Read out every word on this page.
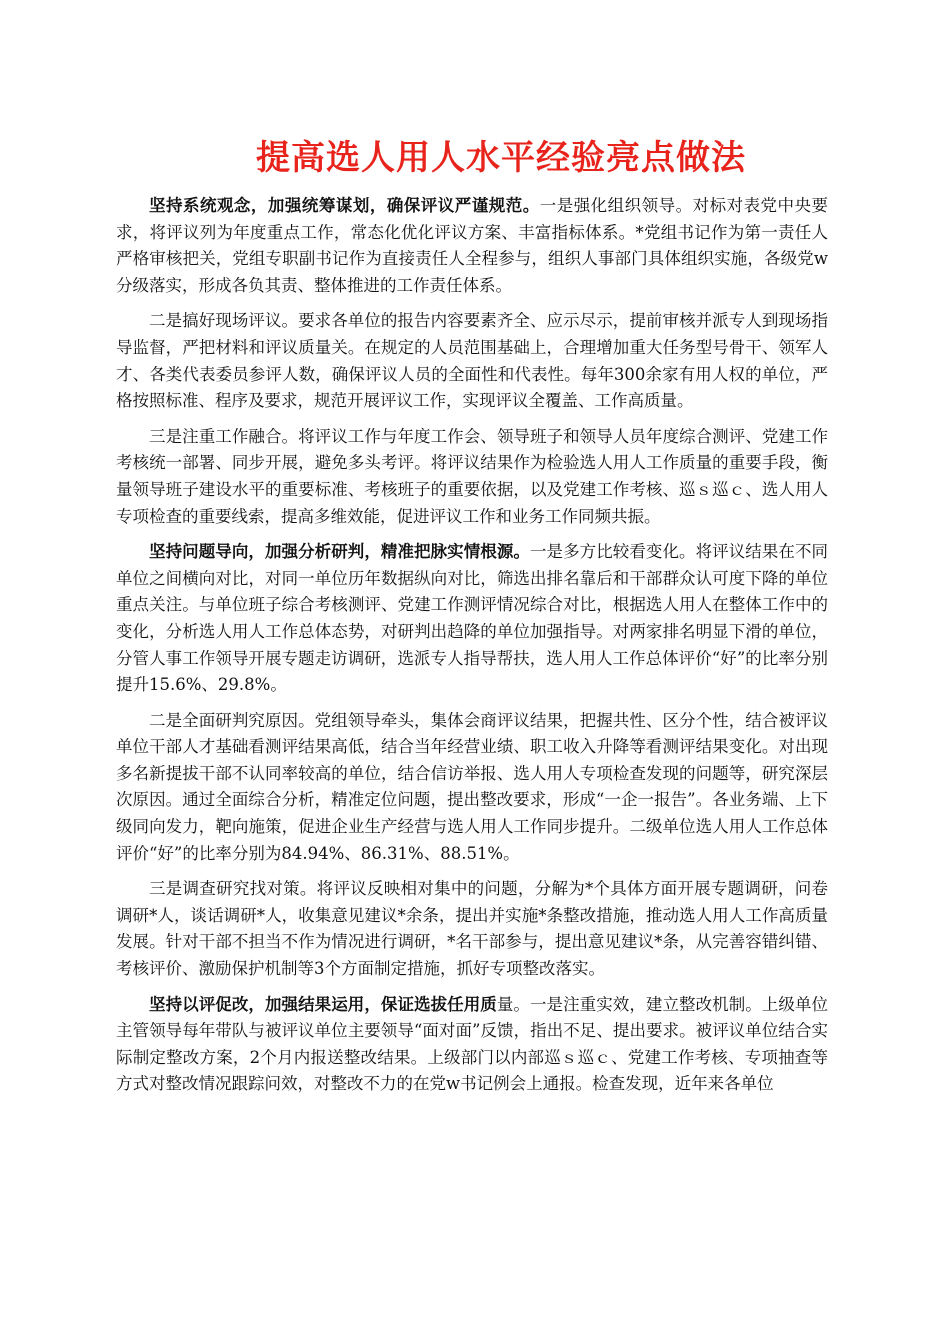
提高选人用人水平经验亮点做法

坚持系统观念，加强统筹谋划，确保评议严谨规范。一是强化组织领导。对标对表党中央要求，将评议列为年度重点工作，常态化优化评议方案、丰富指标体系。*党组书记作为第一责任人严格审核把关，党组专职副书记作为直接责任人全程参与，组织人事部门具体组织实施，各级党w分级落实，形成各负其责、整体推进的工作责任体系。

二是搞好现场评议。要求各单位的报告内容要素齐全、应示尽示，提前审核并派专人到现场指导监督，严把材料和评议质量关。在规定的人员范围基础上，合理增加重大任务型号骨干、领军人才、各类代表委员参评人数，确保评议人员的全面性和代表性。每年300余家有用人权的单位，严格按照标准、程序及要求，规范开展评议工作，实现评议全覆盖、工作高质量。

三是注重工作融合。将评议工作与年度工作会、领导班子和领导人员年度综合测评、党建工作考核统一部署、同步开展，避免多头考评。将评议结果作为检验选人用人工作质量的重要手段，衡量领导班子建设水平的重要标准、考核班子的重要依据，以及党建工作考核、巡ｓ巡ｃ、选人用人专项检查的重要线索，提高多维效能，促进评议工作和业务工作同频共振。

坚持问题导向，加强分析研判，精准把脉实情根源。一是多方比较看变化。将评议结果在不同单位之间横向对比，对同一单位历年数据纵向对比，筛选出排名靠后和干部群众认可度下降的单位重点关注。与单位班子综合考核测评、党建工作测评情况综合对比，根据选人用人在整体工作中的变化，分析选人用人工作总体态势，对研判出趋降的单位加强指导。对两家排名明显下滑的单位，分管人事工作领导开展专题走访调研，选派专人指导帮扶，选人用人工作总体评价“好”的比率分别提升15.6%、29.8%。

二是全面研判究原因。党组领导牵头，集体会商评议结果，把握共性、区分个性，结合被评议单位干部人才基础看测评结果高低，结合当年经营业绩、职工收入升降等看测评结果变化。对出现多名新提拔干部不认同率较高的单位，结合信访举报、选人用人专项检查发现的问题等，研究深层次原因。通过全面综合分析，精准定位问题，提出整改要求，形成“一企一报告”。各业务端、上下级同向发力，靶向施策，促进企业生产经营与选人用人工作同步提升。二级单位选人用人工作总体评价“好”的比率分别为84.94%、86.31%、88.51%。

三是调查研究找对策。将评议反映相对集中的问题，分解为*个具体方面开展专题调研，问卷调研*人，谈话调研*人，收集意见建议*余条，提出并实施*条整改措施，推动选人用人工作高质量发展。针对干部不担当不作为情况进行调研，*名干部参与，提出意见建议*条，从完善容错纠错、考核评价、激励保护机制等3个方面制定措施，抓好专项整改落实。

坚持以评促改，加强结果运用，保证选拔任用质量。一是注重实效，建立整改机制。上级单位主管领导每年带队与被评议单位主要领导“面对面”反馈，指出不足、提出要求。被评议单位结合实际制定整改方案，2个月内报送整改结果。上级部门以内部巡ｓ巡ｃ、党建工作考核、专项抽查等方式对整改情况跟踪问效，对整改不力的在党w书记例会上通报。检查发现，近年来各单位
